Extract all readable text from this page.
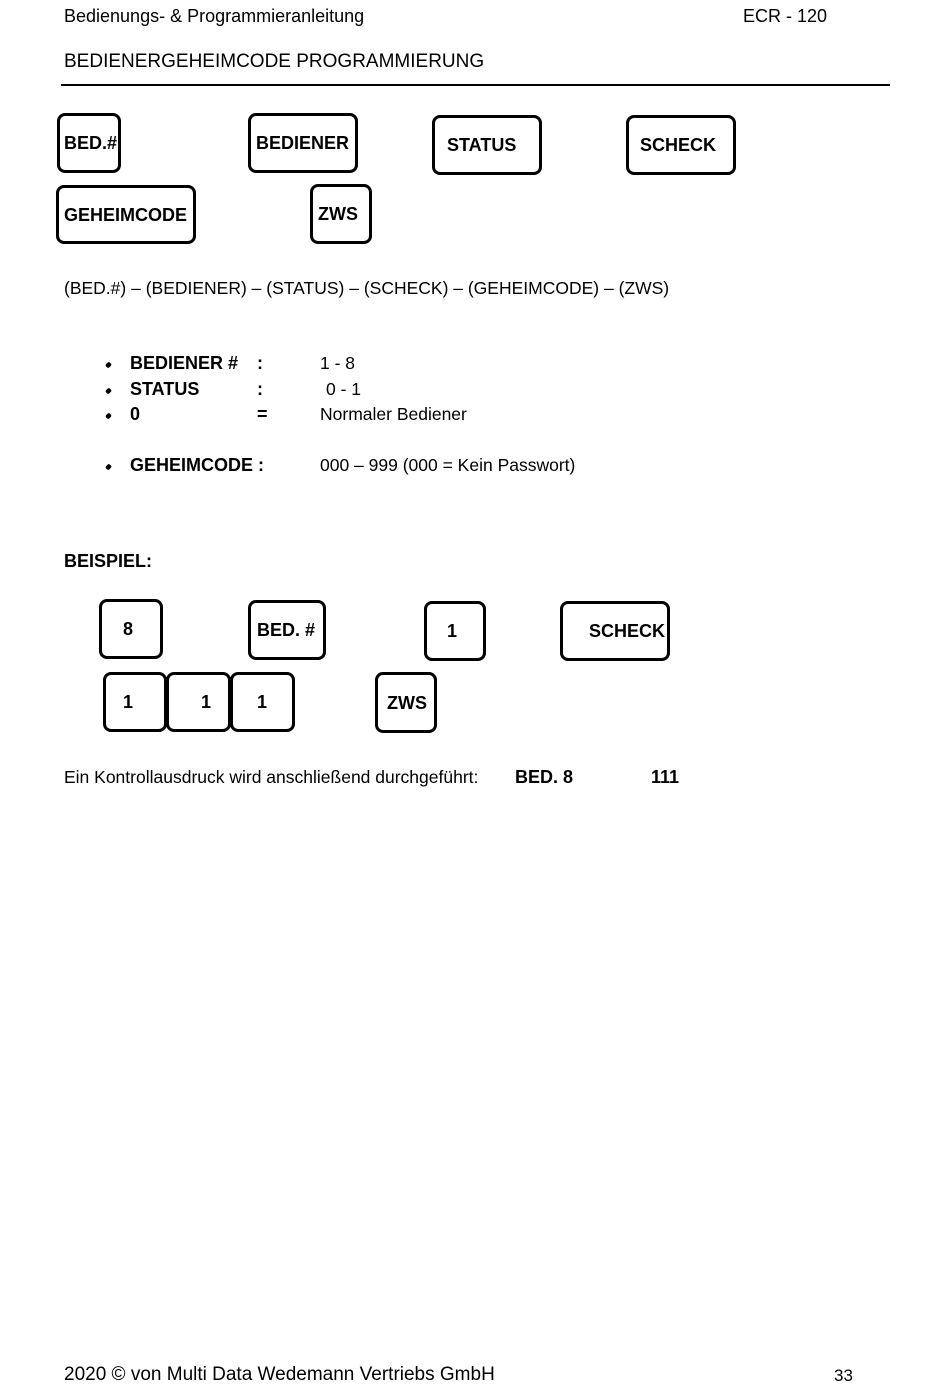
Bedienungs- & Programmieranleitung	ECR - 120
BEDIENERGEHEIMCODE PROGRAMMIERUNG
BED.#	BEDIENER	STATUS	SCHECK
GEHEIMCODE	ZWS
(BED.#) – (BEDIENER) – (STATUS) – (SCHECK) – (GEHEIMCODE) – (ZWS)
BEDIENER # :	1 - 8
STATUS	:	0 - 1
0	=	Normaler Bediener
GEHEIMCODE :	000 – 999 (000 = Kein Passwort)
BEISPIEL:
8	BED. #	1	SCHECK
1	1	1	ZWS
Ein Kontrollausdruck wird anschließend durchgeführt: BED. 8	111
2020 © von Multi Data Wedemann Vertriebs GmbH	33
